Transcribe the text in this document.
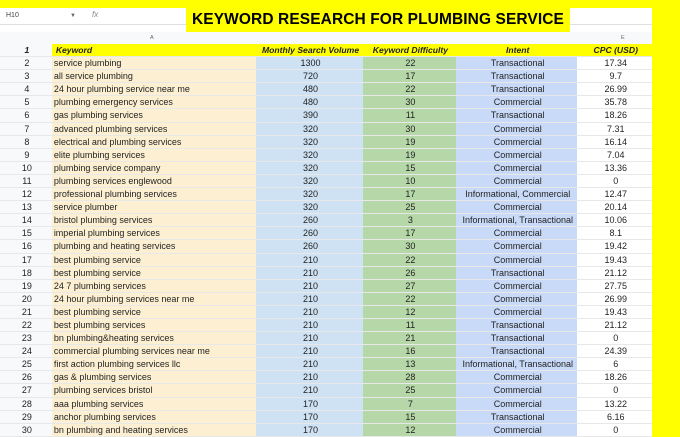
H10	▼ fx	KEYWORD RESEARCH FOR PLUMBING SERVICE
A	E
1	Keyword	Monthly Search Volume	Keyword Difficulty	Intent	CPC (USD)
2	service plumbing	1300	22	Transactional	17.34
3	all service plumbing	720	17	Transactional	9.7
4	24 hour plumbing service near me	480	22	Transactional	26.99
5	plumbing emergency services	480	30	Commercial	35.78
6	gas plumbing services	390	11	Transactional	18.26
7	advanced plumbing services	320	30	Commercial	7.31
8	electrical and plumbing services	320	19	Commercial	16.14
9	elite plumbing services	320	19	Commercial	7.04
10	plumbing service company	320	15	Commercial	13.36
11	plumbing services englewood	320	10	Commercial	0
12	professional plumbing services	320	17	Informational, Commercial	12.47
13	service plumber	320	25	Commercial	20.14
14	bristol plumbing services	260	3	Informational, Transactional	10.06
15	imperial plumbing services	260	17	Commercial	8.1
16	plumbing and heating services	260	30	Commercial	19.42
17	best plumbing service	210	22	Commercial	19.43
18	best plumbing service	210	26	Transactional	21.12
19	24 7 plumbing services	210	27	Commercial	27.75
20	24 hour plumbing services near me	210	22	Commercial	26.99
21	best plumbing service	210	12	Commercial	19.43
22	best plumbing services	210	11	Transactional	21.12
23	bn plumbing&heating services	210	21	Transactional	0
24	commercial plumbing services near me	210	16	Transactional	24.39
25	first action plumbing services llc	210	13	Informational, Transactional	6
26	gas & plumbing services	210	28	Commercial	18.26
27	plumbing services bristol	210	25	Commercial	0
28	aaa plumbing services	170	7	Commercial	13.22
29	anchor plumbing services	170	15	Transactional	6.16
30	bn plumbing and heating services	170	12	Commercial	0
